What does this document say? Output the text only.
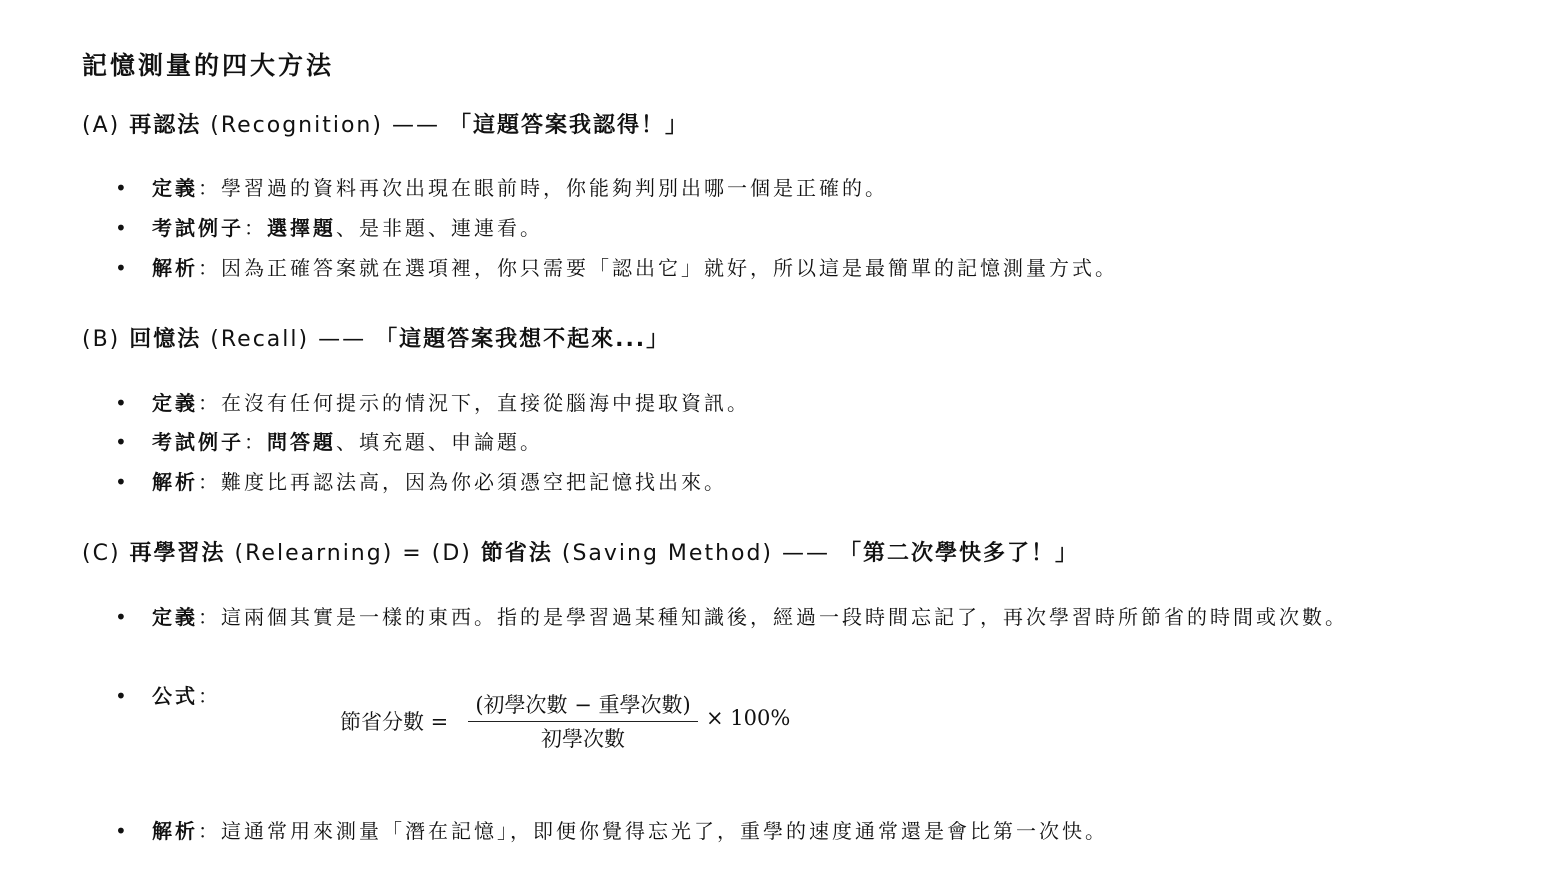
記憶測量的四大方法
(A) 再認法 (Recognition) —— 「這題答案我認得！」
• 定義：學習過的資料再次出現在眼前時，你能夠判別出哪一個是正確的。
• 考試例子：選擇題、是非題、連連看。
• 解析：因為正確答案就在選項裡，你只需要「認出它」就好，所以這是最簡單的記憶測量方式。
(B) 回憶法 (Recall) —— 「這題答案我想不起來...」
• 定義：在沒有任何提示的情況下，直接從腦海中提取資訊。
• 考試例子：問答題、填充題、申論題。
• 解析：難度比再認法高，因為你必須憑空把記憶找出來。
(C) 再學習法 (Relearning) = (D) 節省法 (Saving Method) —— 「第二次學快多了！」
• 定義：這兩個其實是一樣的東西。指的是學習過某種知識後，經過一段時間忘記了，再次學習時所節省的時間或次數。
• 公式：
• 解析：這通常用來測量「潛在記憶」，即便你覺得忘光了，重學的速度通常還是會比第一次快。
節省分數 =
(初學次數 − 重學次數)
初學次數
× 100%
